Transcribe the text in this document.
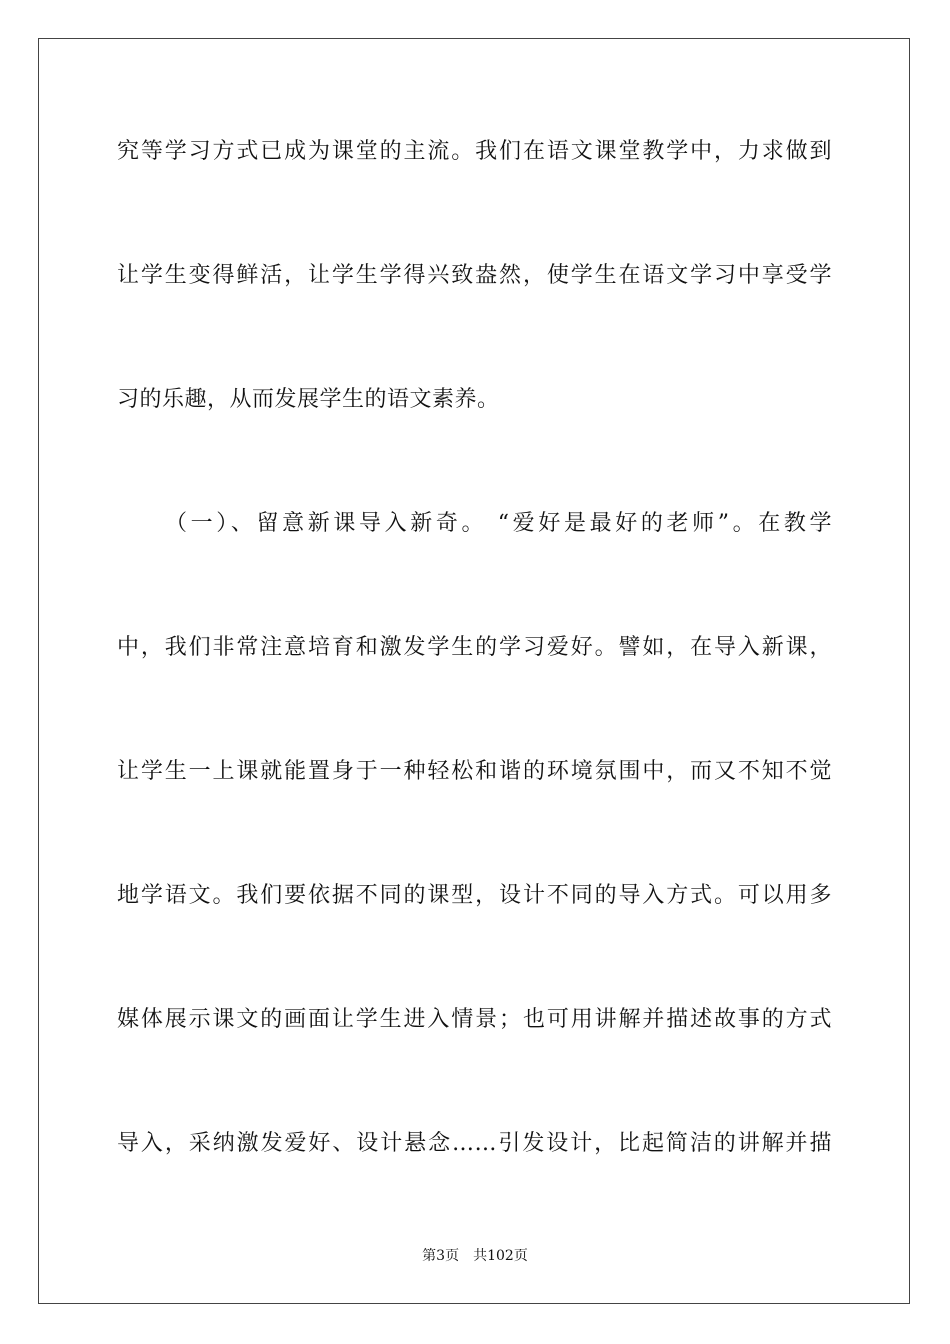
究等学习方式已成为课堂的主流。我们在语文课堂教学中，力求做到
让学生变得鲜活，让学生学得兴致盎然，使学生在语文学习中享受学
习的乐趣，从而发展学生的语文素养。
（一）、留意新课导入新奇。 “爱好是最好的老师”。在教学
中，我们非常注意培育和激发学生的学习爱好。譬如，在导入新课，
让学生一上课就能置身于一种轻松和谐的环境氛围中，而又不知不觉
地学语文。我们要依据不同的课型，设计不同的导入方式。可以用多
媒体展示课文的画面让学生进入情景；也可用讲解并描述故事的方式
导入，采纳激发爱好、设计悬念……引发设计，比起简洁的讲解并描
第3页 共102页
